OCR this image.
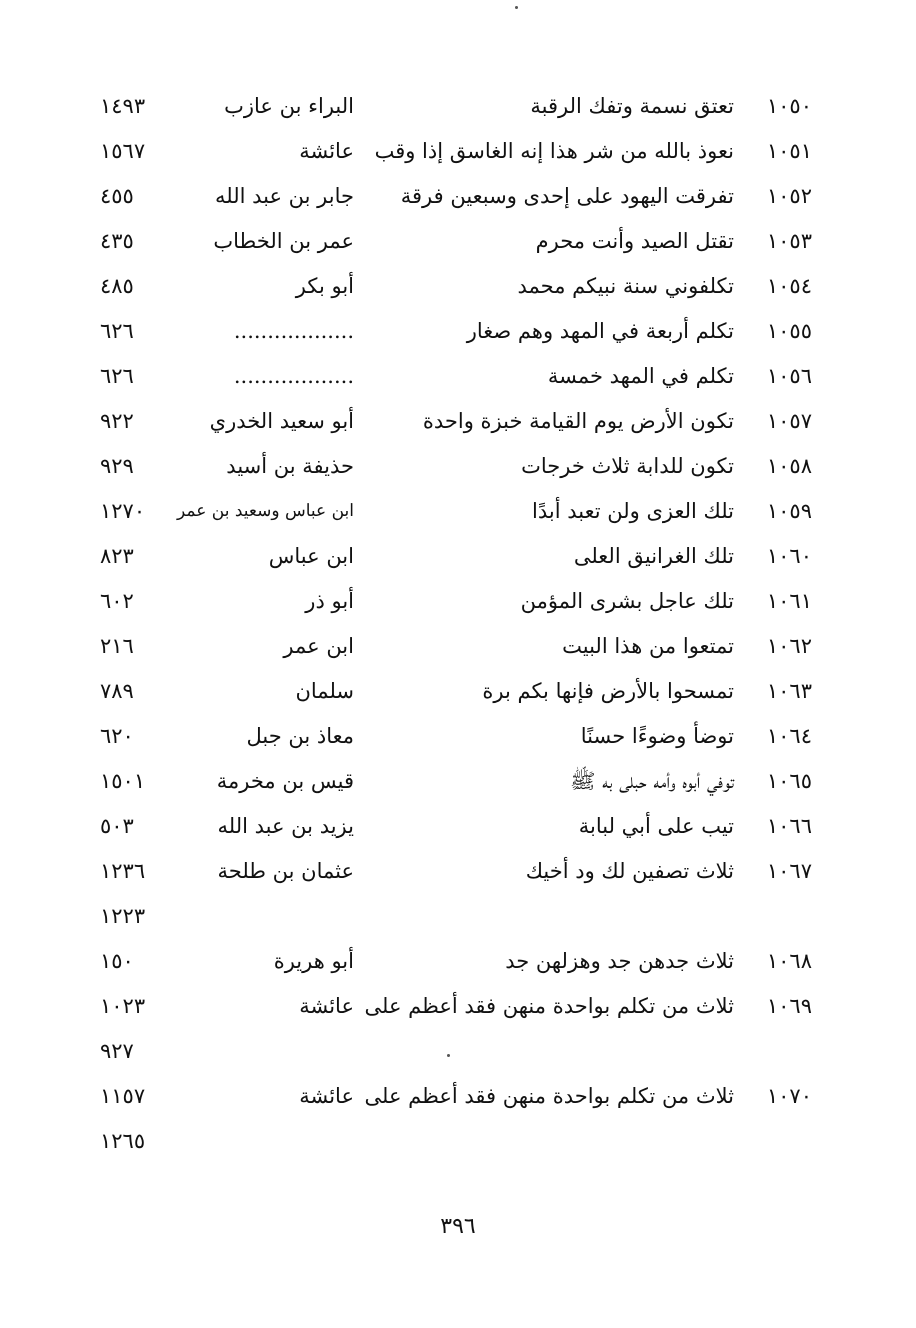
١٠٥٠
تعتق نسمة وتفك الرقبة
البراء بن عازب
١٤٩٣
١٠٥١
نعوذ بالله من شر هذا إنه الغاسق إذا وقب
عائشة
١٥٦٧
١٠٥٢
تفرقت اليهود على إحدى وسبعين فرقة
جابر بن عبد الله
٤٥٥
١٠٥٣
تقتل الصيد وأنت محرم
عمر بن الخطاب
٤٣٥
١٠٥٤
تكلفوني سنة نبيكم محمد
أبو بكر
٤٨٥
١٠٥٥
تكلم أربعة في المهد وهم صغار
..................
٦٢٦
١٠٥٦
تكلم في المهد خمسة
..................
٦٢٦
١٠٥٧
تكون الأرض يوم القيامة خبزة واحدة
أبو سعيد الخدري
٩٢٢
١٠٥٨
تكون للدابة ثلاث خرجات
حذيفة بن أسيد
٩٢٩
١٠٥٩
تلك العزى ولن تعبد أبدًا
ابن عباس وسعيد بن عمر
١٢٧٠
١٠٦٠
تلك الغرانيق العلى
ابن عباس
٨٢٣
١٠٦١
تلك عاجل بشرى المؤمن
أبو ذر
٦٠٢
١٠٦٢
تمتعوا من هذا البيت
ابن عمر
٢١٦
١٠٦٣
تمسحوا بالأرض فإنها بكم برة
سلمان
٧٨٩
١٠٦٤
توضأ وضوءًا حسنًا
معاذ بن جبل
٦٢٠
١٠٦٥
توفي أبوه وأمه حبلى به ﷺ
قيس بن مخرمة
١٥٠١
١٠٦٦
تيب على أبي لبابة
يزيد بن عبد الله
٥٠٣
١٠٦٧
ثلاث تصفين لك ود أخيك
عثمان بن طلحة
١٢٣٦
١٢٢٣
١٠٦٨
ثلاث جدهن جد وهزلهن جد
أبو هريرة
١٥٠
١٠٦٩
ثلاث من تكلم بواحدة منهن فقد أعظم على
عائشة
١٠٢٣
٩٢٧
١٠٧٠
ثلاث من تكلم بواحدة منهن فقد أعظم على
عائشة
١١٥٧
١٢٦٥
٣٩٦
